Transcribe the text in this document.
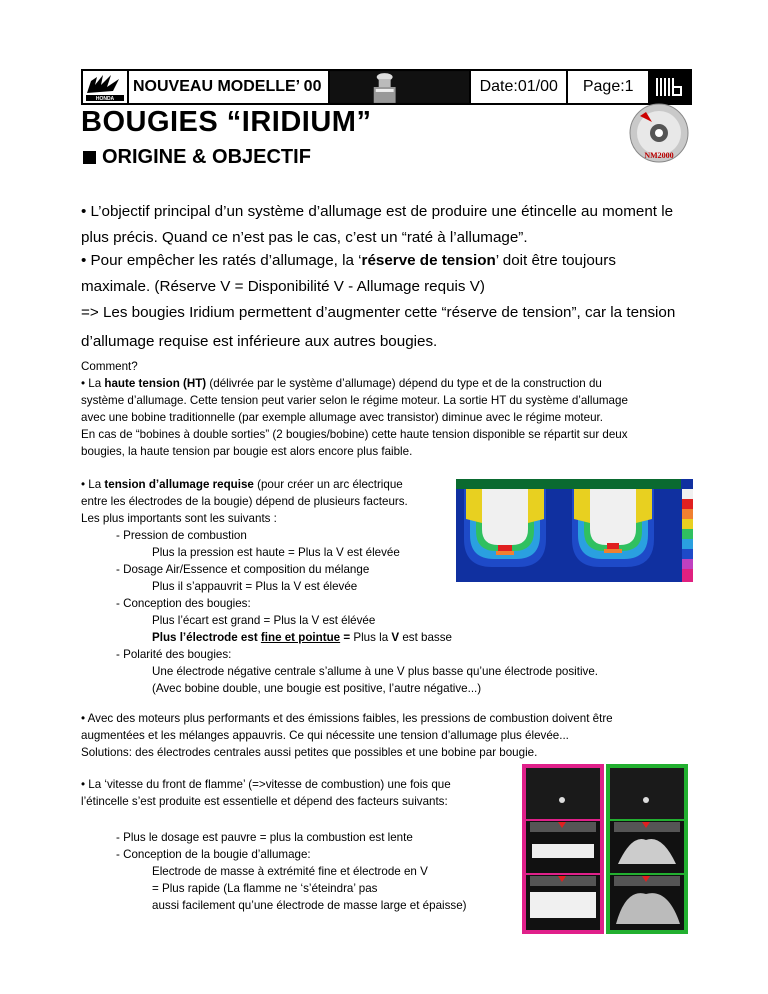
HONDA
NOUVEAU MODELLE’ 00	Date:01/00	Page:1
BOUGIES “IRIDIUM”
NM2000
ORIGINE & OBJECTIF
• L’objectif principal d’un système d’allumage est de produire une étincelle au moment le
plus précis. Quand ce n’est pas le cas, c’est un “raté à l’allumage”.
• Pour empêcher les ratés d’allumage, la ‘réserve de tension’ doit être toujours
maximale. (Réserve V = Disponibilité V - Allumage requis V)
=> Les bougies Iridium permettent d’augmenter cette “réserve de tension”, car la tension
d’allumage requise est inférieure aux autres bougies.
Comment?
• La haute tension (HT) (délivrée par le système d’allumage) dépend du type et de la construction du
système d’allumage. Cette tension peut varier selon le régime moteur. La sortie HT du système d’allumage
avec une bobine traditionnelle (par exemple allumage avec transistor) diminue avec le régime moteur.
En cas de “bobines à double sorties” (2 bougies/bobine) cette haute tension disponible se répartit sur deux
bougies, la haute tension par bougie est alors encore plus faible.
• La tension d’allumage requise (pour créer un arc électrique
entre les électrodes de la bougie) dépend de plusieurs facteurs.
Les plus importants sont les suivants :
- Pression de combustion
Plus la pression est haute = Plus la V est élevée
- Dosage Air/Essence et composition du mélange
Plus il s’appauvrit = Plus la V est élevée
- Conception des bougies:
Plus l’écart est grand = Plus la V est élévée
Plus l’électrode est fine et pointue = Plus la V est basse
- Polarité des bougies:
Une électrode négative centrale s’allume à une V plus basse qu’une électrode positive.
(Avec bobine double, une bougie est positive, l’autre négative...)
• Avec des moteurs plus performants et des émissions faibles, les pressions de combustion doivent être
augmentées et les mélanges appauvris. Ce qui nécessite une tension d’allumage plus élevée...
Solutions: des électrodes centrales aussi petites que possibles et une bobine par bougie.
• La ‘vitesse du front de flamme’ (=>vitesse de combustion) une fois que
l’étincelle s’est produite est essentielle et dépend des facteurs suivants:
- Plus le dosage est pauvre = plus la combustion est lente
- Conception de la bougie d’allumage:
Electrode de masse à extrémité fine et électrode en V
= Plus rapide (La flamme ne ‘s’éteindra’ pas
aussi facilement qu’une électrode de masse large et épaisse)
